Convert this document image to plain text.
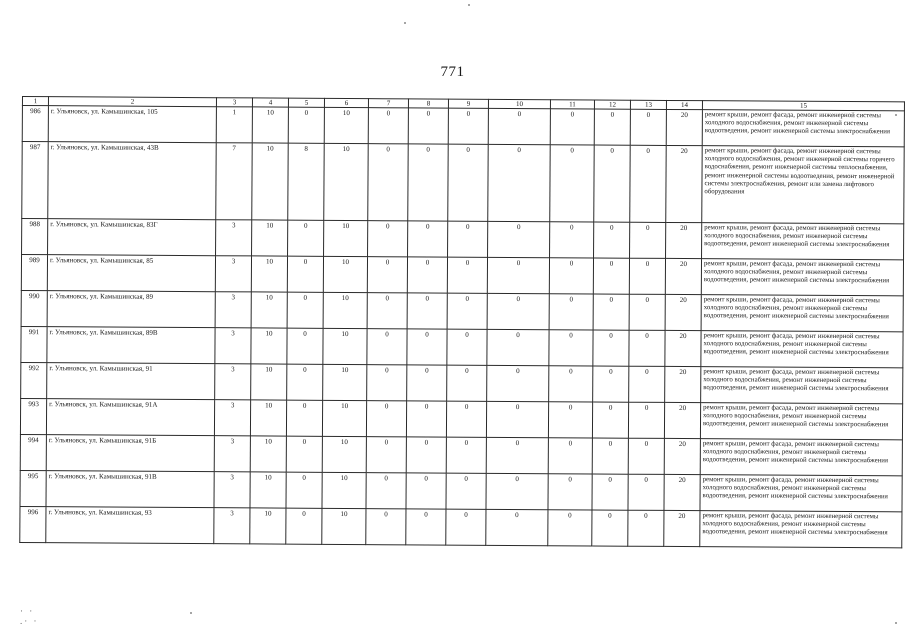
771
1	2	3	4	5	6	7	8	9	10	11	12	13	14	15
986	г. Ульяновск, ул. Камышинская, 105	1	10	0	10	0	0	0	0	0	0	0	20	ремонт крыши, ремонт фасада, ремонт инженерной системы холодного водоснабжения, ремонт инженерной системы водоотведения, ремонт инженерной системы электроснабжения
987	г. Ульяновск, ул. Камышинская, 43В	7	10	8	10	0	0	0	0	0	0	0	20	ремонт крыши, ремонт фасада, ремонт инженерной системы холодного водоснабжения, ремонт инженерной системы горячего водоснабжения, ремонт инженерной системы теплоснабжения, ремонт инженерной системы водоотведения, ремонт инженерной системы электроснабжения, ремонт или замена лифтового оборудования
988	г. Ульяновск, ул. Камышинская, 83Г	3	10	0	10	0	0	0	0	0	0	0	20	ремонт крыши, ремонт фасада, ремонт инженерной системы холодного водоснабжения, ремонт инженерной системы водоотведения, ремонт инженерной системы электроснабжения
989	г. Ульяновск, ул. Камышинская, 85	3	10	0	10	0	0	0	0	0	0	0	20	ремонт крыши, ремонт фасада, ремонт инженерной системы холодного водоснабжения, ремонт инженерной системы водоотведения, ремонт инженерной системы электроснабжения
990	г. Ульяновск, ул. Камышинская, 89	3	10	0	10	0	0	0	0	0	0	0	20	ремонт крыши, ремонт фасада, ремонт инженерной системы холодного водоснабжения, ремонт инженерной системы водоотведения, ремонт инженерной системы электроснабжения
991	г. Ульяновск, ул. Камышинская, 89В	3	10	0	10	0	0	0	0	0	0	0	20	ремонт крыши, ремонт фасада, ремонт инженерной системы холодного водоснабжения, ремонт инженерной системы водоотведения, ремонт инженерной системы электроснабжения
992	г. Ульяновск, ул. Камышинская, 91	3	10	0	10	0	0	0	0	0	0	0	20	ремонт крыши, ремонт фасада, ремонт инженерной системы холодного водоснабжения, ремонт инженерной системы водоотведения, ремонт инженерной системы электроснабжения
993	г. Ульяновск, ул. Камышинская, 91А	3	10	0	10	0	0	0	0	0	0	0	20	ремонт крыши, ремонт фасада, ремонт инженерной системы холодного водоснабжения, ремонт инженерной системы водоотведения, ремонт инженерной системы электроснабжения
994	г. Ульяновск, ул. Камышинская, 91Б	3	10	0	10	0	0	0	0	0	0	0	20	ремонт крыши, ремонт фасада, ремонт инженерной системы холодного водоснабжения, ремонт инженерной системы водоотведения, ремонт инженерной системы электроснабжения
995	г. Ульяновск, ул. Камышинская, 91В	3	10	0	10	0	0	0	0	0	0	0	20	ремонт крыши, ремонт фасада, ремонт инженерной системы холодного водоснабжения, ремонт инженерной системы водоотведения, ремонт инженерной системы электроснабжения
996	г. Ульяновск, ул. Камышинская, 93	3	10	0	10	0	0	0	0	0	0	0	20	ремонт крыши, ремонт фасада, ремонт инженерной системы холодного водоснабжения, ремонт инженерной системы водоотведения, ремонт инженерной системы электроснабжения
· ·
.· ·
